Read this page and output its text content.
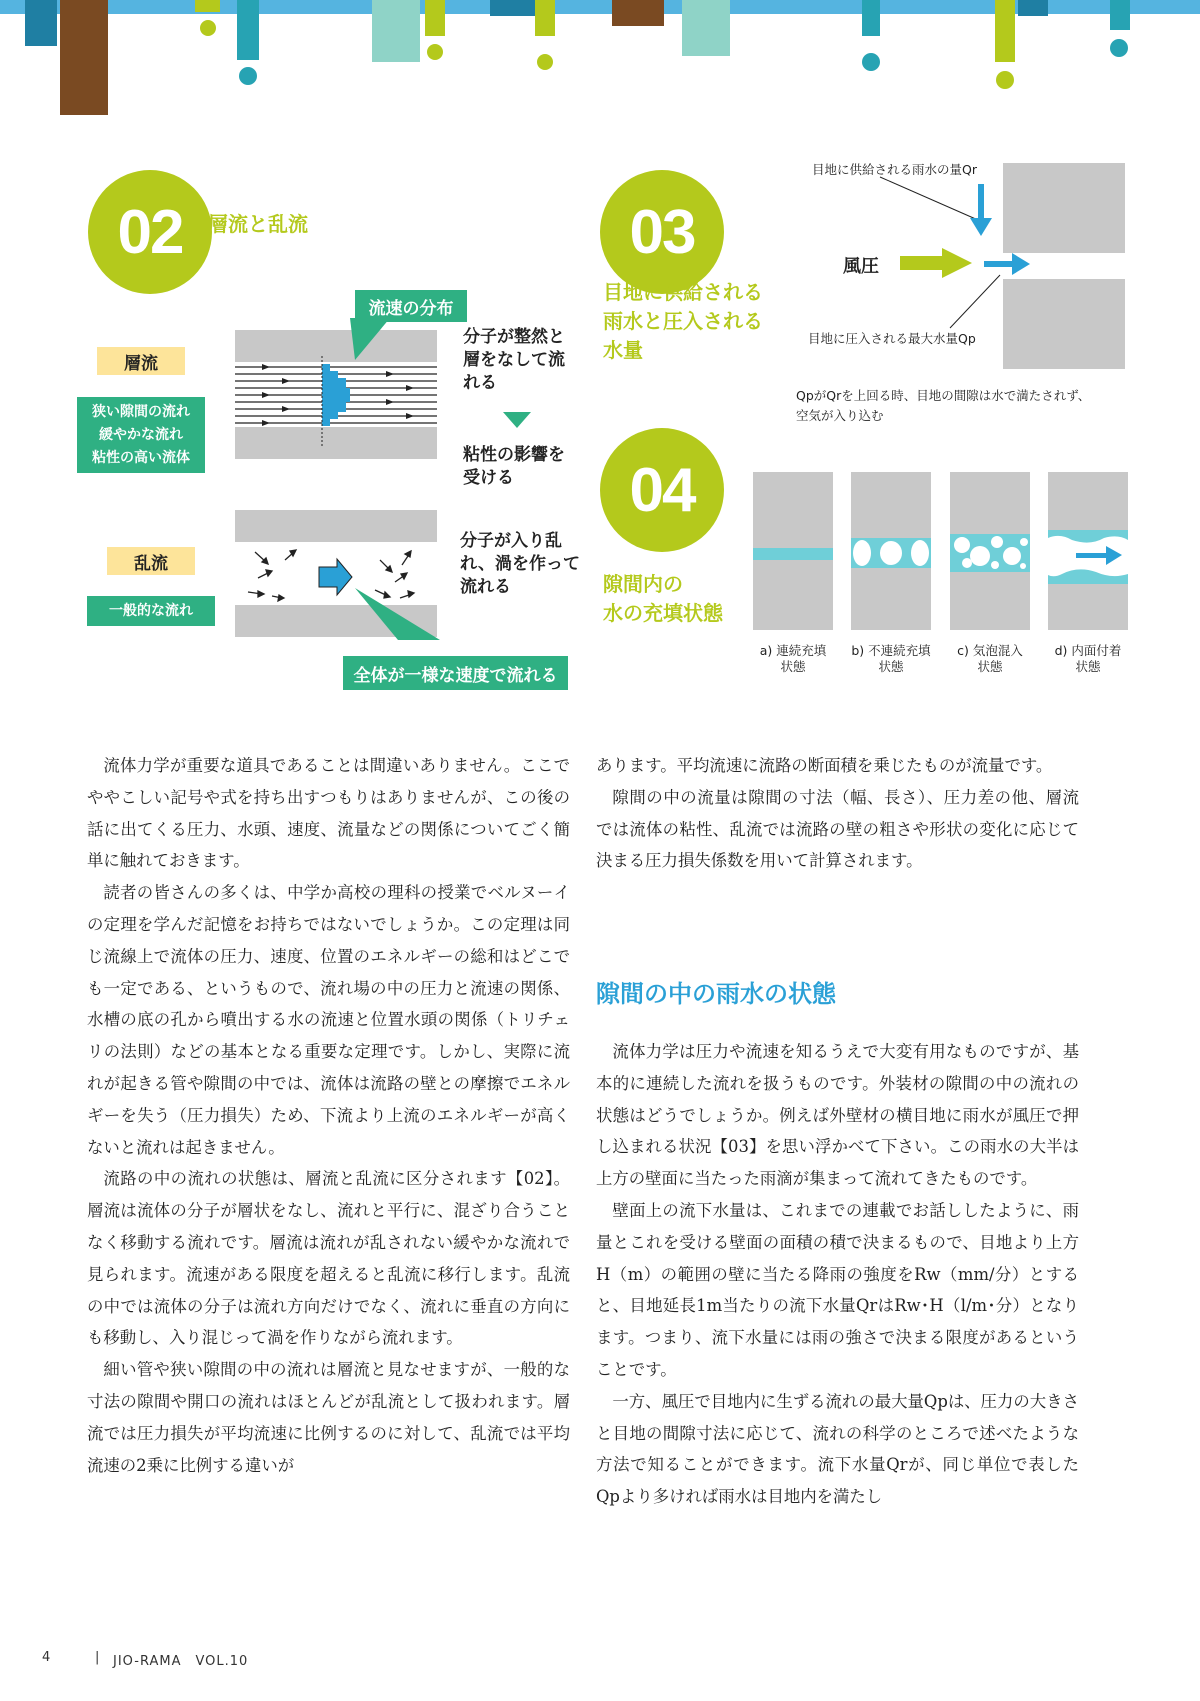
02	層流と乱流
流速の分布
層流
狭い隙間の流れ
緩やかな流れ
粘性の高い流体
分子が整然と
層をなして流
れる
粘性の影響を
受ける
乱流
一般的な流れ
分子が入り乱
れ、渦を作って
流れる
全体が一様な速度で流れる
03
目地に供給される
雨水と圧入される
水量
目地に供給される雨水の量Qr
風圧
目地に圧入される最大水量Qp
QpがQrを上回る時、目地の間隙は水で満たされず、
空気が入り込む
04
隙間内の
水の充填状態
a) 連続充填
状態
b) 不連続充填
状態
c) 気泡混入
状態
d) 内面付着
状態

流体力学が重要な道具であることは間違いありません。ここでややこしい記号や式を持ち出すつもりはありませんが、この後の話に出てくる圧力、水頭、速度、流量などの関係についてごく簡単に触れておきます。

読者の皆さんの多くは、中学か高校の理科の授業でベルヌーイの定理を学んだ記憶をお持ちではないでしょうか。この定理は同じ流線上で流体の圧力、速度、位置のエネルギーの総和はどこでも一定である、というもので、流れ場の中の圧力と流速の関係、水槽の底の孔から噴出する水の流速と位置水頭の関係（トリチェリの法則）などの基本となる重要な定理です。しかし、実際に流れが起きる管や隙間の中では、流体は流路の壁との摩擦でエネルギーを失う（圧力損失）ため、下流より上流のエネルギーが高くないと流れは起きません。

流路の中の流れの状態は、層流と乱流に区分されます【02】。層流は流体の分子が層状をなし、流れと平行に、混ざり合うことなく移動する流れです。層流は流れが乱されない緩やかな流れで見られます。流速がある限度を超えると乱流に移行します。乱流の中では流体の分子は流れ方向だけでなく、流れに垂直の方向にも移動し、入り混じって渦を作りながら流れます。

細い管や狭い隙間の中の流れは層流と見なせますが、一般的な寸法の隙間や開口の流れはほとんどが乱流として扱われます。層流では圧力損失が平均流速に比例するのに対して、乱流では平均流速の2乗に比例する違いが

あります。平均流速に流路の断面積を乗じたものが流量です。

隙間の中の流量は隙間の寸法（幅、長さ）、圧力差の他、層流では流体の粘性、乱流では流路の壁の粗さや形状の変化に応じて決まる圧力損失係数を用いて計算されます。

隙間の中の雨水の状態

流体力学は圧力や流速を知るうえで大変有用なものですが、基本的に連続した流れを扱うものです。外装材の隙間の中の流れの状態はどうでしょうか。例えば外壁材の横目地に雨水が風圧で押し込まれる状況【03】を思い浮かべて下さい。この雨水の大半は上方の壁面に当たった雨滴が集まって流れてきたものです。

壁面上の流下水量は、これまでの連載でお話ししたように、雨量とこれを受ける壁面の面積の積で決まるもので、目地より上方H（m）の範囲の壁に当たる降雨の強度をRw（mm/分）とすると、目地延長1m当たりの流下水量QrはRw･H（l/m･分）となります。つまり、流下水量には雨の強さで決まる限度があるということです。

一方、風圧で目地内に生ずる流れの最大量Qpは、圧力の大きさと目地の間隙寸法に応じて、流れの科学のところで述べたような方法で知ることができます。流下水量Qrが、同じ単位で表したQpより多ければ雨水は目地内を満たし

4	| JIO-RAMA　VOL.10
